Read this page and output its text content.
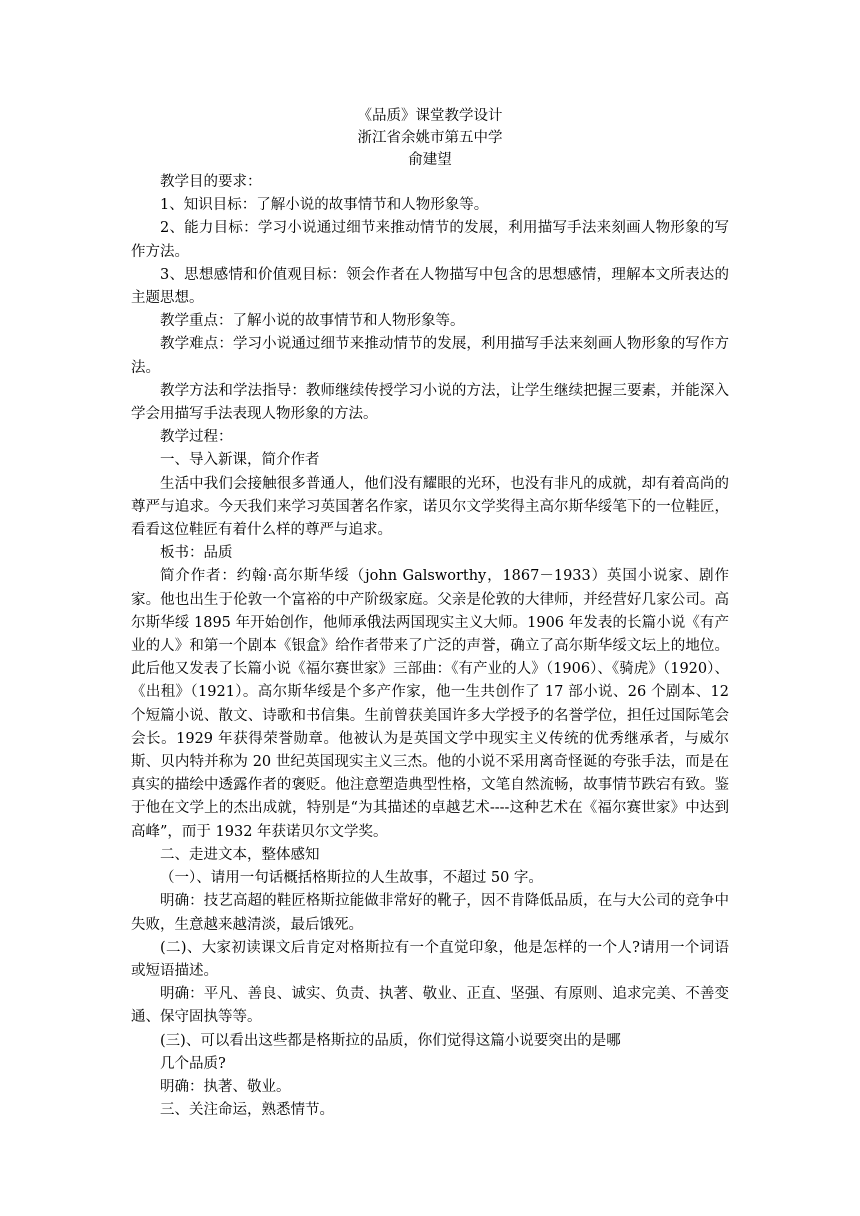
《品质》课堂教学设计
浙江省余姚市第五中学
俞建望

教学目的要求：

1、知识目标：了解小说的故事情节和人物形象等。

2、能力目标：学习小说通过细节来推动情节的发展，利用描写手法来刻画人物形象的写作方法。

3、思想感情和价值观目标：领会作者在人物描写中包含的思想感情，理解本文所表达的主题思想。

教学重点：了解小说的故事情节和人物形象等。

教学难点：学习小说通过细节来推动情节的发展，利用描写手法来刻画人物形象的写作方法。

教学方法和学法指导：教师继续传授学习小说的方法，让学生继续把握三要素，并能深入学会用描写手法表现人物形象的方法。

教学过程：

一、导入新课，简介作者

生活中我们会接触很多普通人，他们没有耀眼的光环，也没有非凡的成就，却有着高尚的尊严与追求。今天我们来学习英国著名作家，诺贝尔文学奖得主高尔斯华绥笔下的一位鞋匠，看看这位鞋匠有着什么样的尊严与追求。

板书：品质

简介作者：约翰·高尔斯华绥（john Galsworthy，1867－1933）英国小说家、剧作家。他也出生于伦敦一个富裕的中产阶级家庭。父亲是伦敦的大律师，并经营好几家公司。高尔斯华绥 1895 年开始创作，他师承俄法两国现实主义大师。1906 年发表的长篇小说《有产业的人》和第一个剧本《银盒》给作者带来了广泛的声誉，确立了高尔斯华绥文坛上的地位。此后他又发表了长篇小说《福尔赛世家》三部曲：《有产业的人》（1906）、《骑虎》（1920）、《出租》（1921）。高尔斯华绥是个多产作家，他一生共创作了 17 部小说、26 个剧本、12 个短篇小说、散文、诗歌和书信集。生前曾获美国许多大学授予的名誉学位，担任过国际笔会会长。1929 年获得荣誉勋章。他被认为是英国文学中现实主义传统的优秀继承者，与威尔斯、贝内特并称为 20 世纪英国现实主义三杰。他的小说不采用离奇怪诞的夸张手法，而是在真实的描绘中透露作者的褒贬。他注意塑造典型性格，文笔自然流畅，故事情节跌宕有致。鉴于他在文学上的杰出成就，特别是“为其描述的卓越艺术----这种艺术在《福尔赛世家》中达到高峰”，而于 1932 年获诺贝尔文学奖。

二、走进文本，整体感知

（一）、请用一句话概括格斯拉的人生故事，不超过 50 字。

明确：技艺高超的鞋匠格斯拉能做非常好的靴子，因不肯降低品质，在与大公司的竞争中失败，生意越来越清淡，最后饿死。

(二)、大家初读课文后肯定对格斯拉有一个直觉印象，他是怎样的一个人?请用一个词语或短语描述。

明确：平凡、善良、诚实、负责、执著、敬业、正直、坚强、有原则、追求完美、不善变通、保守固执等等。

(三)、可以看出这些都是格斯拉的品质，你们觉得这篇小说要突出的是哪

几个品质?

明确：执著、敬业。

三、关注命运，熟悉情节。
